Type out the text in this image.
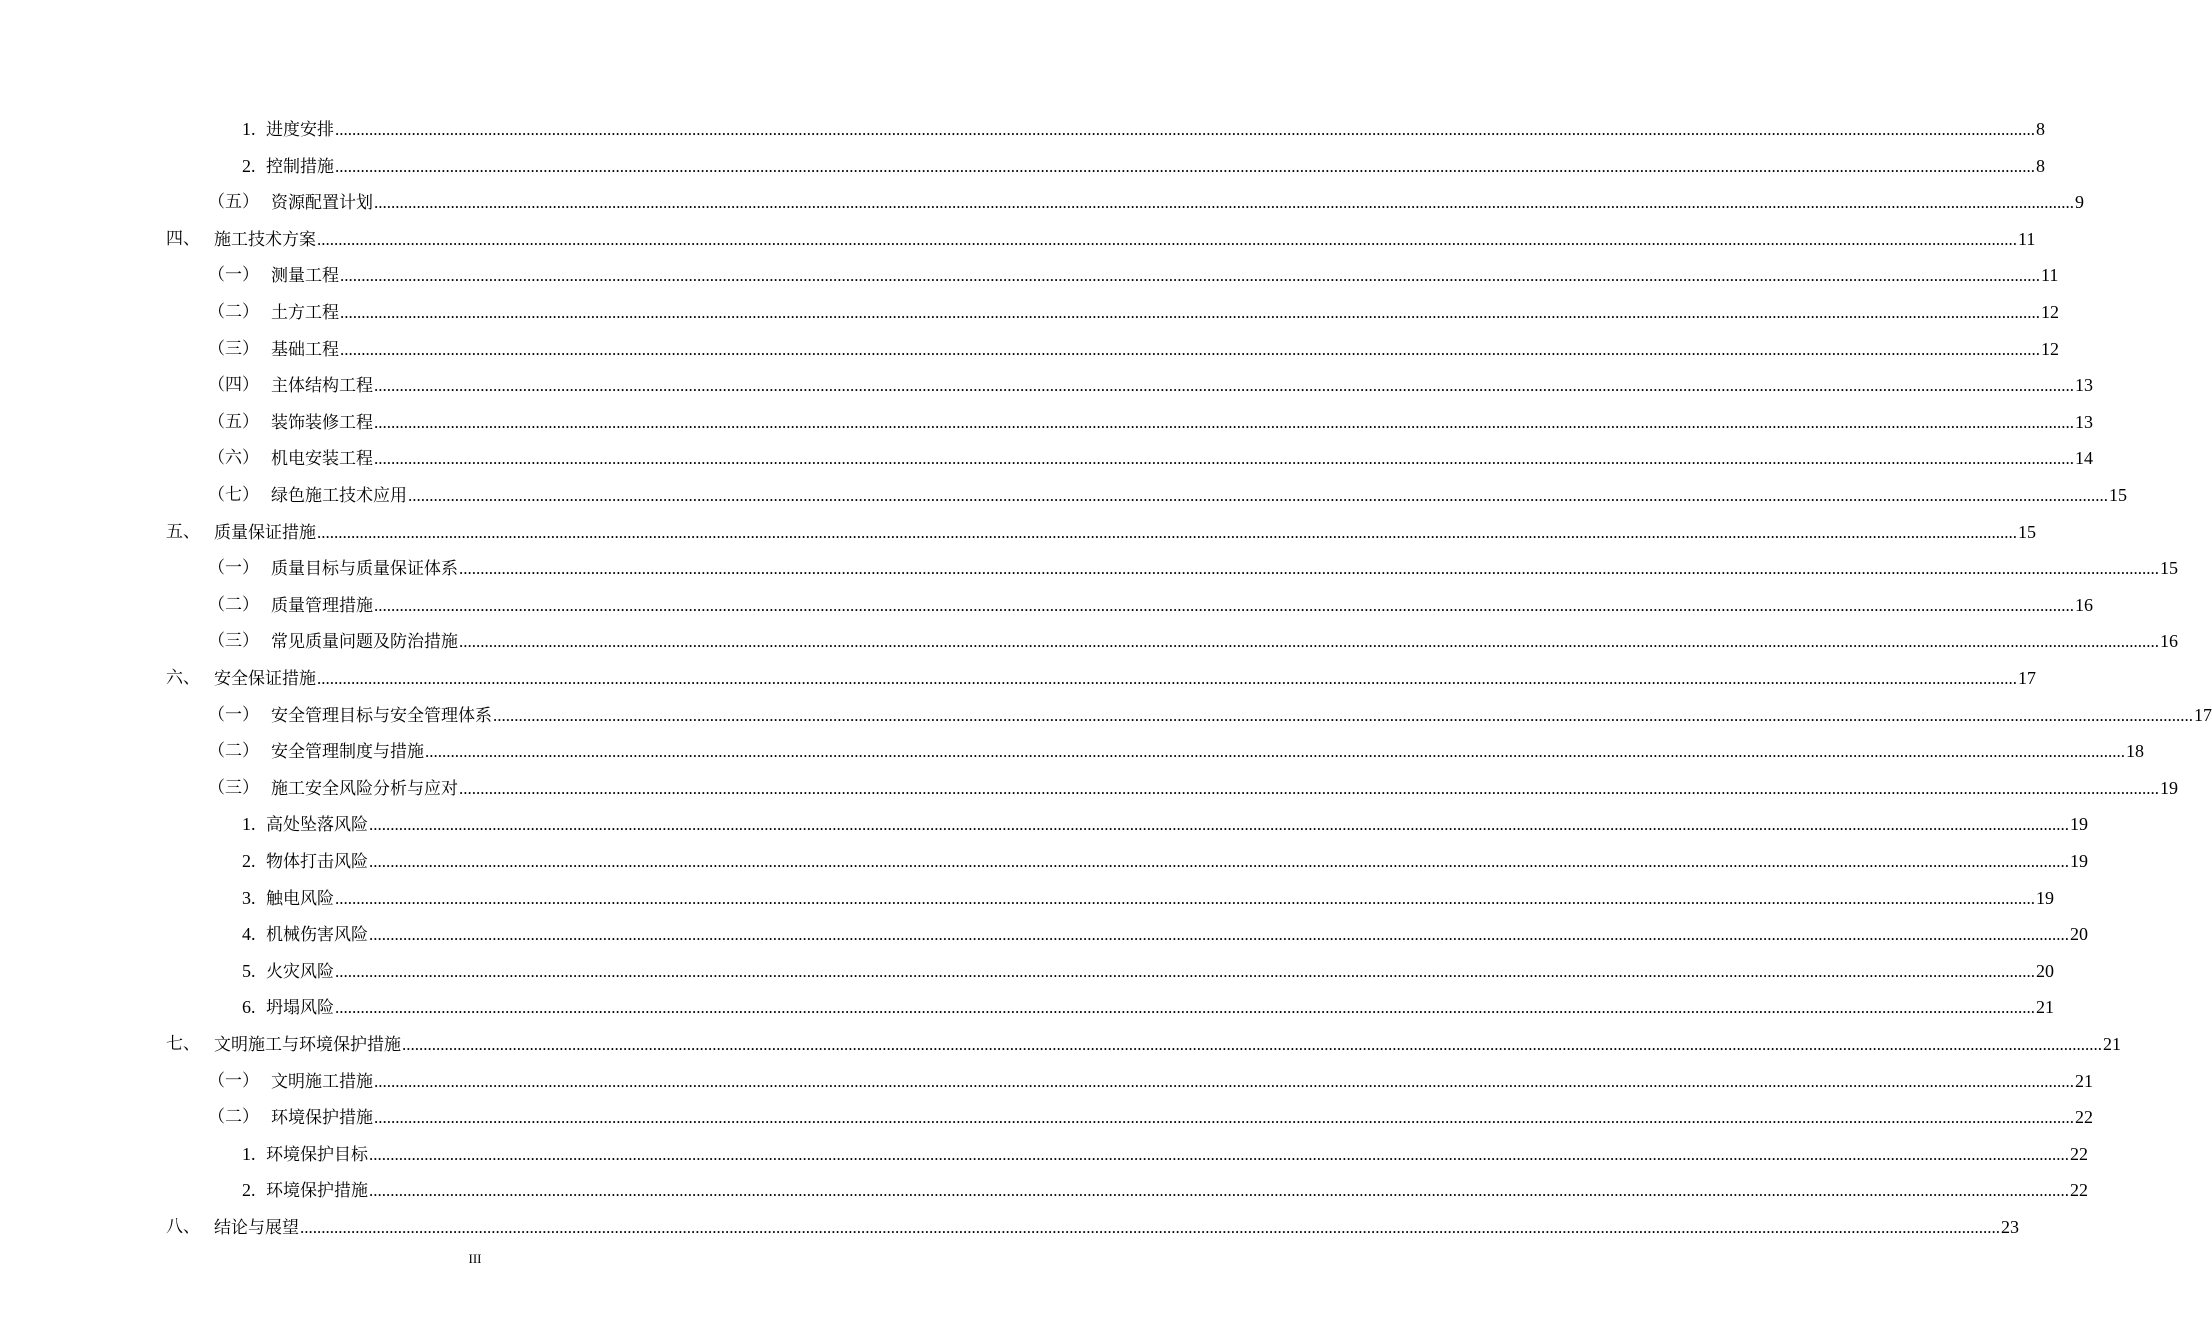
1. 进度安排 ................................................................................................................................................................................................................................................................................................................................................................................................................ 8
2. 控制措施 ................................................................................................................................................................................................................................................................................................................................................................................................................ 8
（五） 资源配置计划 ................................................................................................................................................................................................................................................................................................................................................................................................................ 9
四、 施工技术方案 ................................................................................................................................................................................................................................................................................................................................................................................................................ 11
（一） 测量工程 ................................................................................................................................................................................................................................................................................................................................................................................................................ 11
（二） 土方工程 ................................................................................................................................................................................................................................................................................................................................................................................................................ 12
（三） 基础工程 ................................................................................................................................................................................................................................................................................................................................................................................................................ 12
（四） 主体结构工程 ................................................................................................................................................................................................................................................................................................................................................................................................................ 13
（五） 装饰装修工程 ................................................................................................................................................................................................................................................................................................................................................................................................................ 13
（六） 机电安装工程 ................................................................................................................................................................................................................................................................................................................................................................................................................ 14
（七） 绿色施工技术应用 ................................................................................................................................................................................................................................................................................................................................................................................................................ 15
五、 质量保证措施 ................................................................................................................................................................................................................................................................................................................................................................................................................ 15
（一） 质量目标与质量保证体系 ................................................................................................................................................................................................................................................................................................................................................................................................................ 15
（二） 质量管理措施 ................................................................................................................................................................................................................................................................................................................................................................................................................ 16
（三） 常见质量问题及防治措施 ................................................................................................................................................................................................................................................................................................................................................................................................................ 16
六、 安全保证措施 ................................................................................................................................................................................................................................................................................................................................................................................................................ 17
（一） 安全管理目标与安全管理体系 ................................................................................................................................................................................................................................................................................................................................................................................................................ 17
（二） 安全管理制度与措施 ................................................................................................................................................................................................................................................................................................................................................................................................................ 18
（三） 施工安全风险分析与应对 ................................................................................................................................................................................................................................................................................................................................................................................................................ 19
1. 高处坠落风险 ................................................................................................................................................................................................................................................................................................................................................................................................................ 19
2. 物体打击风险 ................................................................................................................................................................................................................................................................................................................................................................................................................ 19
3. 触电风险 ................................................................................................................................................................................................................................................................................................................................................................................................................ 19
4. 机械伤害风险 ................................................................................................................................................................................................................................................................................................................................................................................................................ 20
5. 火灾风险 ................................................................................................................................................................................................................................................................................................................................................................................................................ 20
6. 坍塌风险 ................................................................................................................................................................................................................................................................................................................................................................................................................ 21
七、 文明施工与环境保护措施 ................................................................................................................................................................................................................................................................................................................................................................................................................ 21
（一） 文明施工措施 ................................................................................................................................................................................................................................................................................................................................................................................................................ 21
（二） 环境保护措施 ................................................................................................................................................................................................................................................................................................................................................................................................................ 22
1. 环境保护目标 ................................................................................................................................................................................................................................................................................................................................................................................................................ 22
2. 环境保护措施 ................................................................................................................................................................................................................................................................................................................................................................................................................ 22
八、 结论与展望 ................................................................................................................................................................................................................................................................................................................................................................................................................ 23
III
